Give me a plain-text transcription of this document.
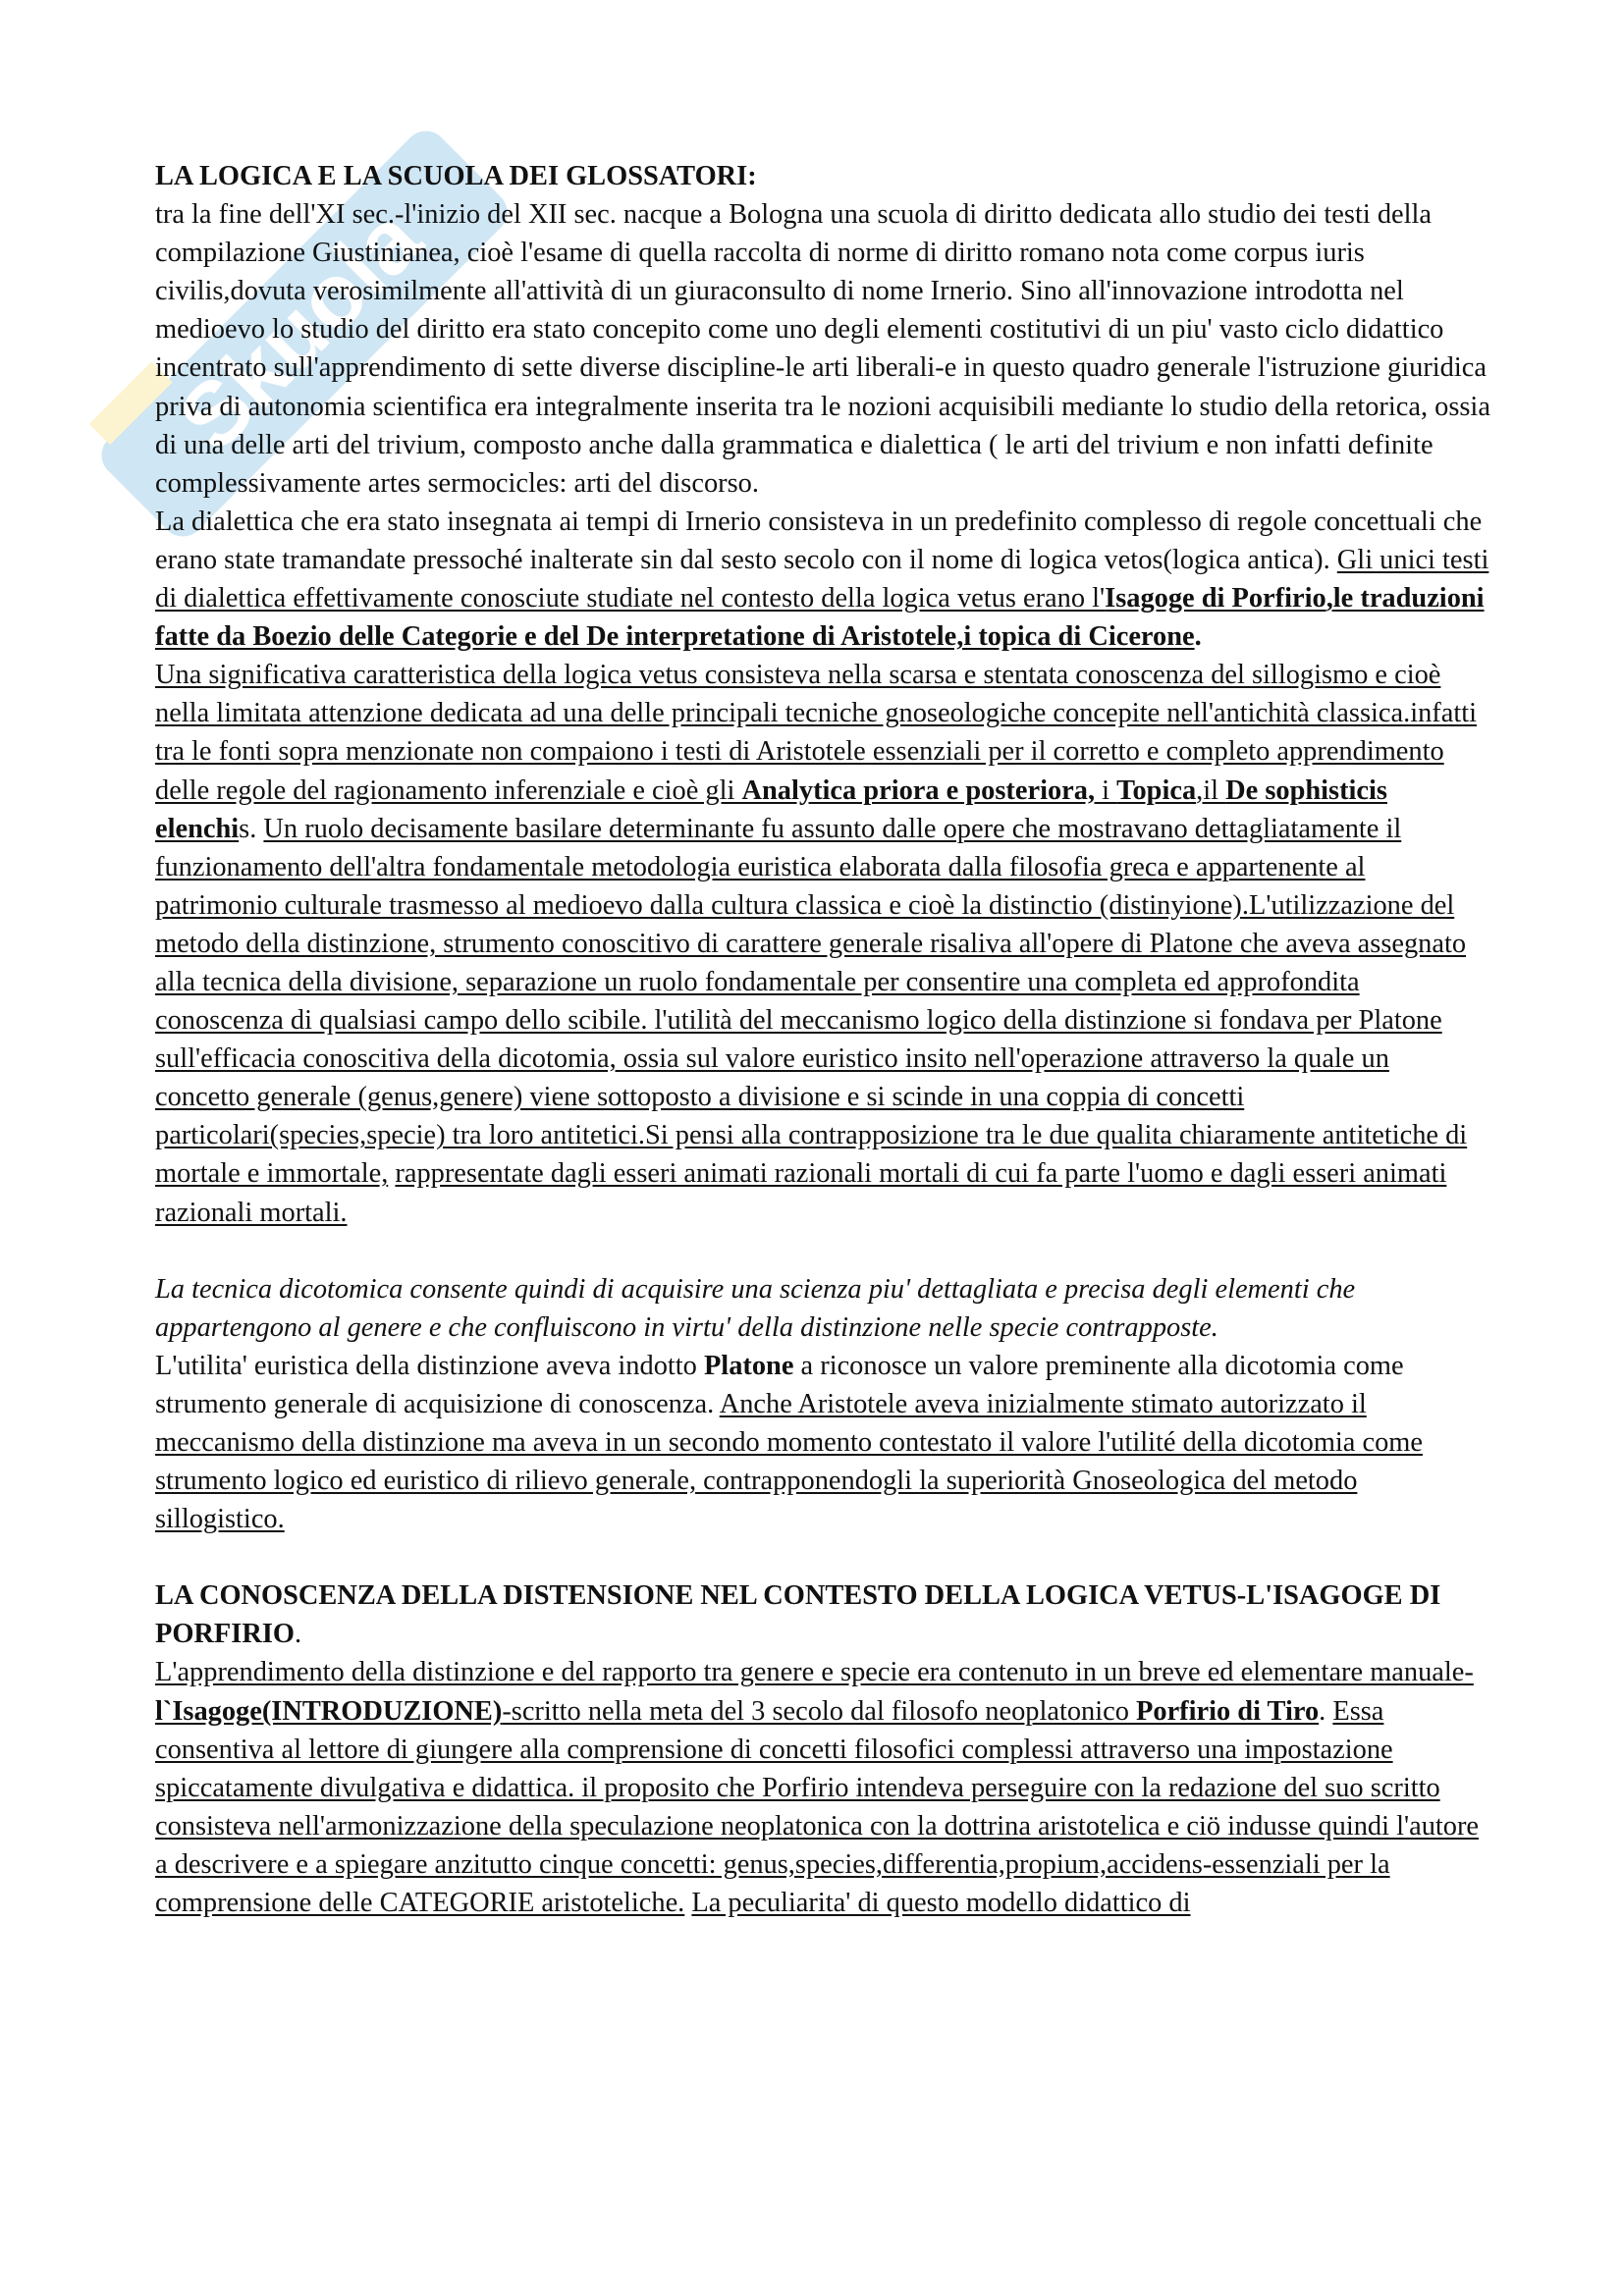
Skuola

LA LOGICA E LA SCUOLA DEI GLOSSATORI:

tra la fine dell'XI sec.-l'inizio del XII sec. nacque a Bologna una scuola di diritto dedicata allo studio dei testi della compilazione Giustinianea, cioè l'esame di quella raccolta di norme di diritto romano nota come corpus iuris civilis,dovuta verosimilmente all'attività di un giuraconsulto di nome Irnerio. Sino all'innovazione introdotta nel medioevo lo studio del diritto era stato concepito come uno degli elementi costitutivi di un piu' vasto ciclo didattico incentrato sull'apprendimento di sette diverse discipline-le arti liberali-e in questo quadro generale l'istruzione giuridica priva di autonomia scientifica era integralmente inserita tra le nozioni acquisibili mediante lo studio della retorica, ossia di una delle arti del trivium, composto anche dalla grammatica e dialettica ( le arti del trivium e non infatti definite complessivamente artes sermocicles: arti del discorso.

La dialettica che era stato insegnata ai tempi di Irnerio consisteva in un predefinito complesso di regole concettuali che erano state tramandate pressoché inalterate sin dal sesto secolo con il nome di logica vetos(logica antica). Gli unici testi di dialettica effettivamente conosciute studiate nel contesto della logica vetus erano l'Isagoge di Porfirio,le traduzioni fatte da Boezio delle Categorie e del De interpretatione di Aristotele,i topica di Cicerone.

Una significativa caratteristica della logica vetus consisteva nella scarsa e stentata conoscenza del sillogismo e cioè nella limitata attenzione dedicata ad una delle principali tecniche gnoseologiche concepite nell'antichità classica.infatti tra le fonti sopra menzionate non compaiono i testi di Aristotele essenziali per il corretto e completo apprendimento delle regole del ragionamento inferenziale e cioè gli Analytica priora e posteriora, i Topica,il De sophisticis elenchis. Un ruolo decisamente basilare determinante fu assunto dalle opere che mostravano dettagliatamente il funzionamento dell'altra fondamentale metodologia euristica elaborata dalla filosofia greca e appartenente al patrimonio culturale trasmesso al medioevo dalla cultura classica e cioè la distinctio (distinyione).L'utilizzazione del metodo della distinzione, strumento conoscitivo di carattere generale risaliva all'opere di Platone che aveva assegnato alla tecnica della divisione, separazione un ruolo fondamentale per consentire una completa ed approfondita conoscenza di qualsiasi campo dello scibile. l'utilità del meccanismo logico della distinzione si fondava per Platone sull'efficacia conoscitiva della dicotomia, ossia sul valore euristico insito nell'operazione attraverso la quale un concetto generale (genus,genere) viene sottoposto a divisione e si scinde in una coppia di concetti particolari(species,specie) tra loro antitetici.Si pensi alla contrapposizione tra le due qualita chiaramente antitetiche di mortale e immortale, rappresentate dagli esseri animati razionali mortali di cui fa parte l'uomo e dagli esseri animati razionali mortali.

La tecnica dicotomica consente quindi di acquisire una scienza piu' dettagliata e precisa degli elementi che appartengono al genere e che confluiscono in virtu' della distinzione nelle specie contrapposte.

L'utilita' euristica della distinzione aveva indotto Platone a riconosce un valore preminente alla dicotomia come strumento generale di acquisizione di conoscenza. Anche Aristotele aveva inizialmente stimato autorizzato il meccanismo della distinzione ma aveva in un secondo momento contestato il valore l'utilité della dicotomia come strumento logico ed euristico di rilievo generale, contrapponendogli la superiorità Gnoseologica del metodo sillogistico.

LA CONOSCENZA DELLA DISTENSIONE NEL CONTESTO DELLA LOGICA VETUS-L'ISAGOGE DI PORFIRIO.

L'apprendimento della distinzione e del rapporto tra genere e specie era contenuto in un breve ed elementare manuale-l`Isagoge(INTRODUZIONE)-scritto nella meta del 3 secolo dal filosofo neoplatonico Porfirio di Tiro. Essa consentiva al lettore di giungere alla comprensione di concetti filosofici complessi attraverso una impostazione spiccatamente divulgativa e didattica. il proposito che Porfirio intendeva perseguire con la redazione del suo scritto consisteva nell'armonizzazione della speculazione neoplatonica con la dottrina aristotelica e ciö indusse quindi l'autore a descrivere e a spiegare anzitutto cinque concetti: genus,species,differentia,propium,accidens-essenziali per la comprensione delle CATEGORIE aristoteliche. La peculiarita' di questo modello didattico di
